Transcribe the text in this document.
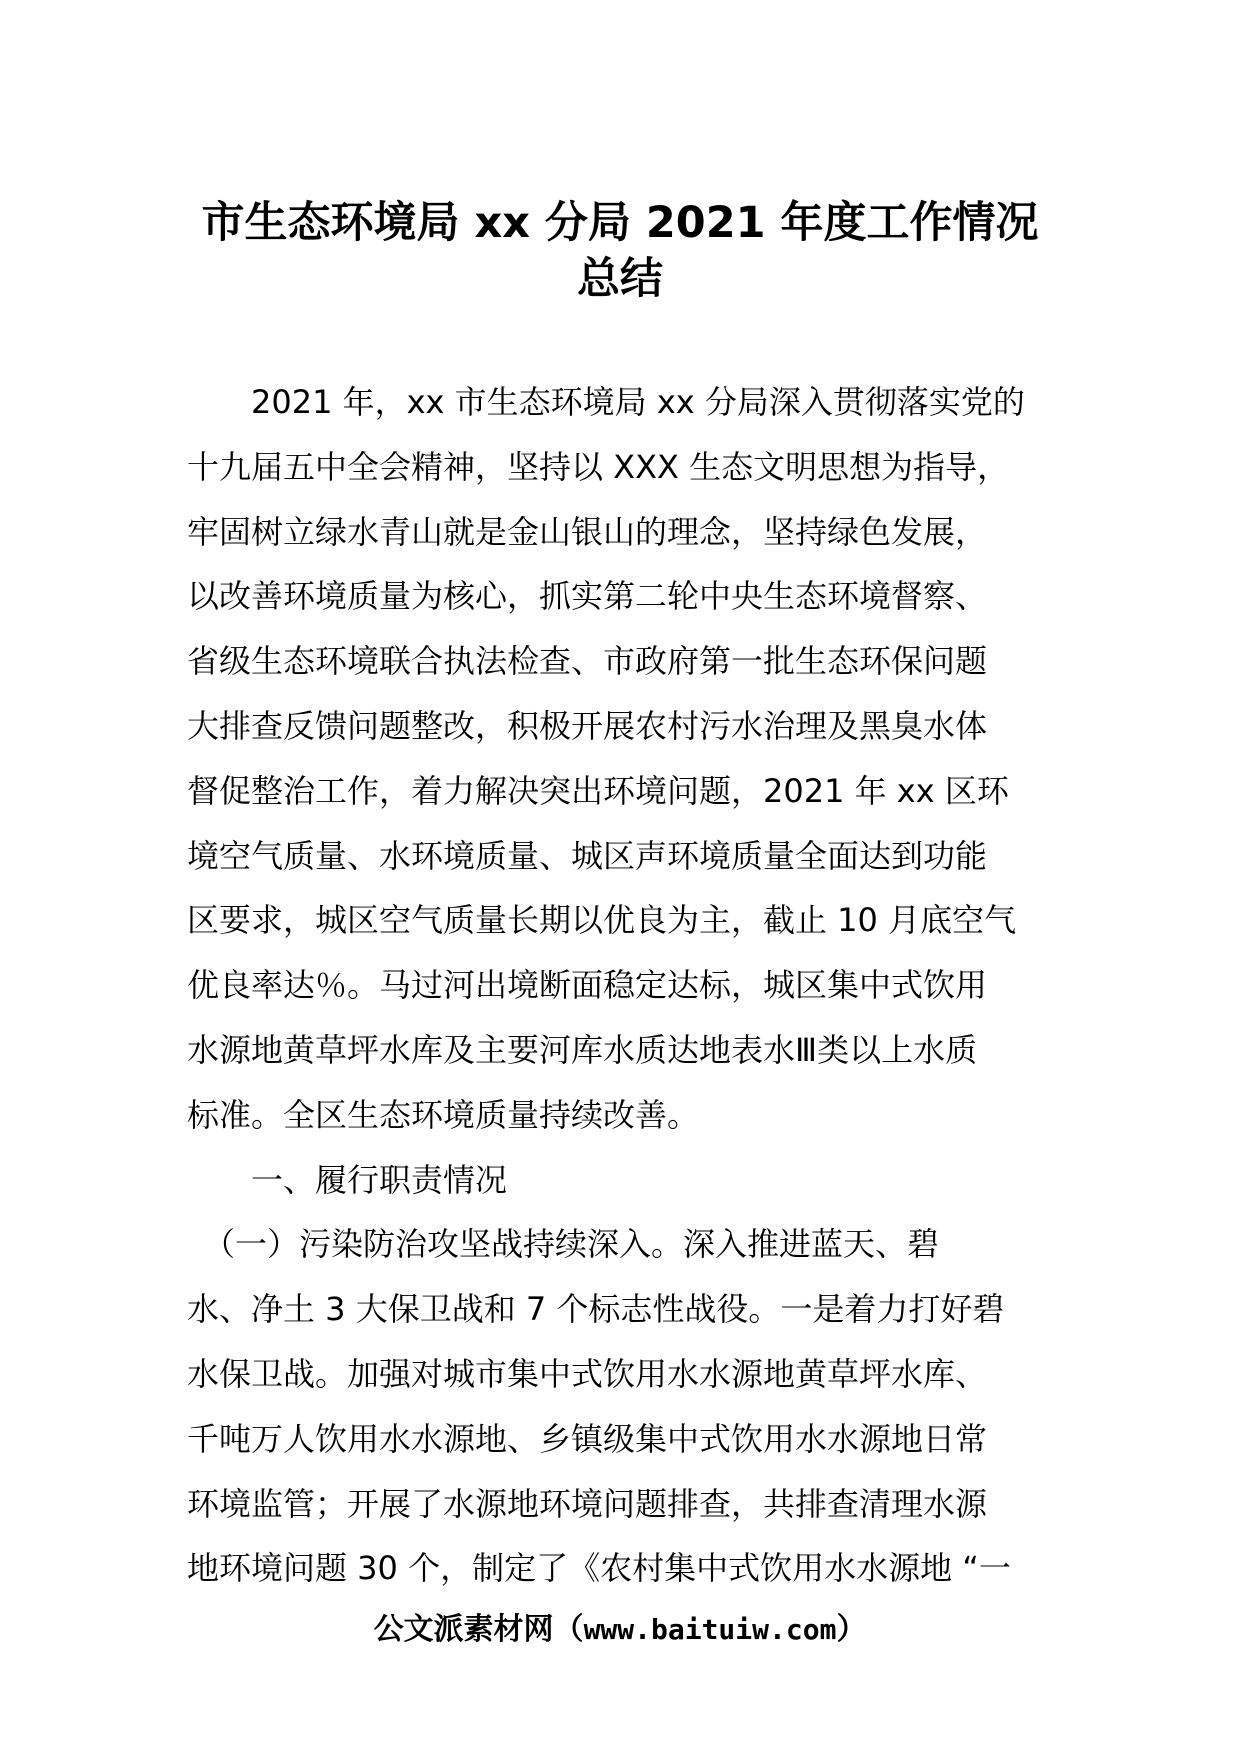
市生态环境局 xx 分局 2021 年度工作情况
总结
　　2021 年，xx 市生态环境局 xx 分局深入贯彻落实党的
十九届五中全会精神，坚持以 XXX 生态文明思想为指导，
牢固树立绿水青山就是金山银山的理念，坚持绿色发展，
以改善环境质量为核心，抓实第二轮中央生态环境督察、
省级生态环境联合执法检查、市政府第一批生态环保问题
大排查反馈问题整改，积极开展农村污水治理及黑臭水体
督促整治工作，着力解决突出环境问题，2021 年 xx 区环
境空气质量、水环境质量、城区声环境质量全面达到功能
区要求，城区空气质量长期以优良为主，截止 10 月底空气
优良率达％。马过河出境断面稳定达标，城区集中式饮用
水源地黄草坪水库及主要河库水质达地表水Ⅲ类以上水质
标准。全区生态环境质量持续改善。
　　一、履行职责情况
　（一）污染防治攻坚战持续深入。深入推进蓝天、碧
水、净土 3 大保卫战和 7 个标志性战役。一是着力打好碧
水保卫战。加强对城市集中式饮用水水源地黄草坪水库、
千吨万人饮用水水源地、乡镇级集中式饮用水水源地日常
环境监管；开展了水源地环境问题排查，共排查清理水源
地环境问题 30 个，制定了《农村集中式饮用水水源地 “一
公文派素材网（www.baituiw.com）
